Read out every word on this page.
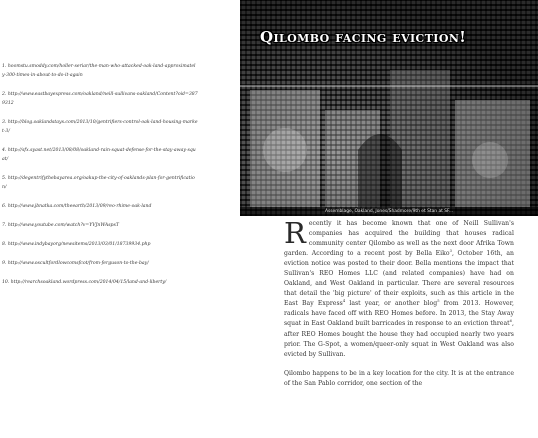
1. hoomstu.smoddy.com/holler-seriar/the-man-who-attacked-oak-land-approximately-300-times-in-about-to-do-it-again

2. http://www.eastbayexpress.com/oakland/neill-sullivans-oakland/Content?oid=3879312

3. http://blog.oaklandstays.com/2013/10/gentrifiers-control-oak-land-housing-market-3/

4. http://sfx.syast.net/2013/08/08/oakland-rain-squat-defense-for-the-stay-away-squat/

5. http://degentrifythebayarea.org/oakup-the-city-of-oaklands-plan-for-gentrification/

6. http://www.jbnatka.com/theearth/2013/09/reo-rhime-oak-land

7. http://www.youtube.com/watch?v=YVJnWAspsT

8. http://www.indybayorg/newsitems/2013/03/01/18739934.php

9. http://www.oscultfordlowcomsfcot/from-ferguson-to-the-bay/

10. http://rearchsoakland.wordpress.com/2014/04/15/land-and-liberty/

Qilombo facing eviction!
Assemblage, Oakland, Jones/Shadmore/9th et Stan at SF...

Recently it has become known that one of Neill Sullivan's companies has acquired the building that houses radical community center Qilombo as well as the next door Afrika Town garden. According to a recent post by Bella Eiko$^3$, October 16th, an eviction notice was posted to their door. Bella mentions the impact that Sullivan's REO Homes LLC (and related companies) have had on Oakland, and West Oakland in particular. There are several resources that detail the 'big picture' of their exploits, such as this article in the East Bay Express$^4$ last year, or another blog$^5$ from 2013. However, radicals have faced off with REO Homes before. In 2013, the Stay Away squat in East Oakland built barricades in response to an eviction threat$^6$, after REO Homes bought the house they had occupied nearly two years prior. The G-Spot, a women/queer-only squat in West Oakland was also evicted by Sullivan.

Qilombo happens to be in a key location for the city. It is at the entrance of the San Pablo corridor, one section of the
